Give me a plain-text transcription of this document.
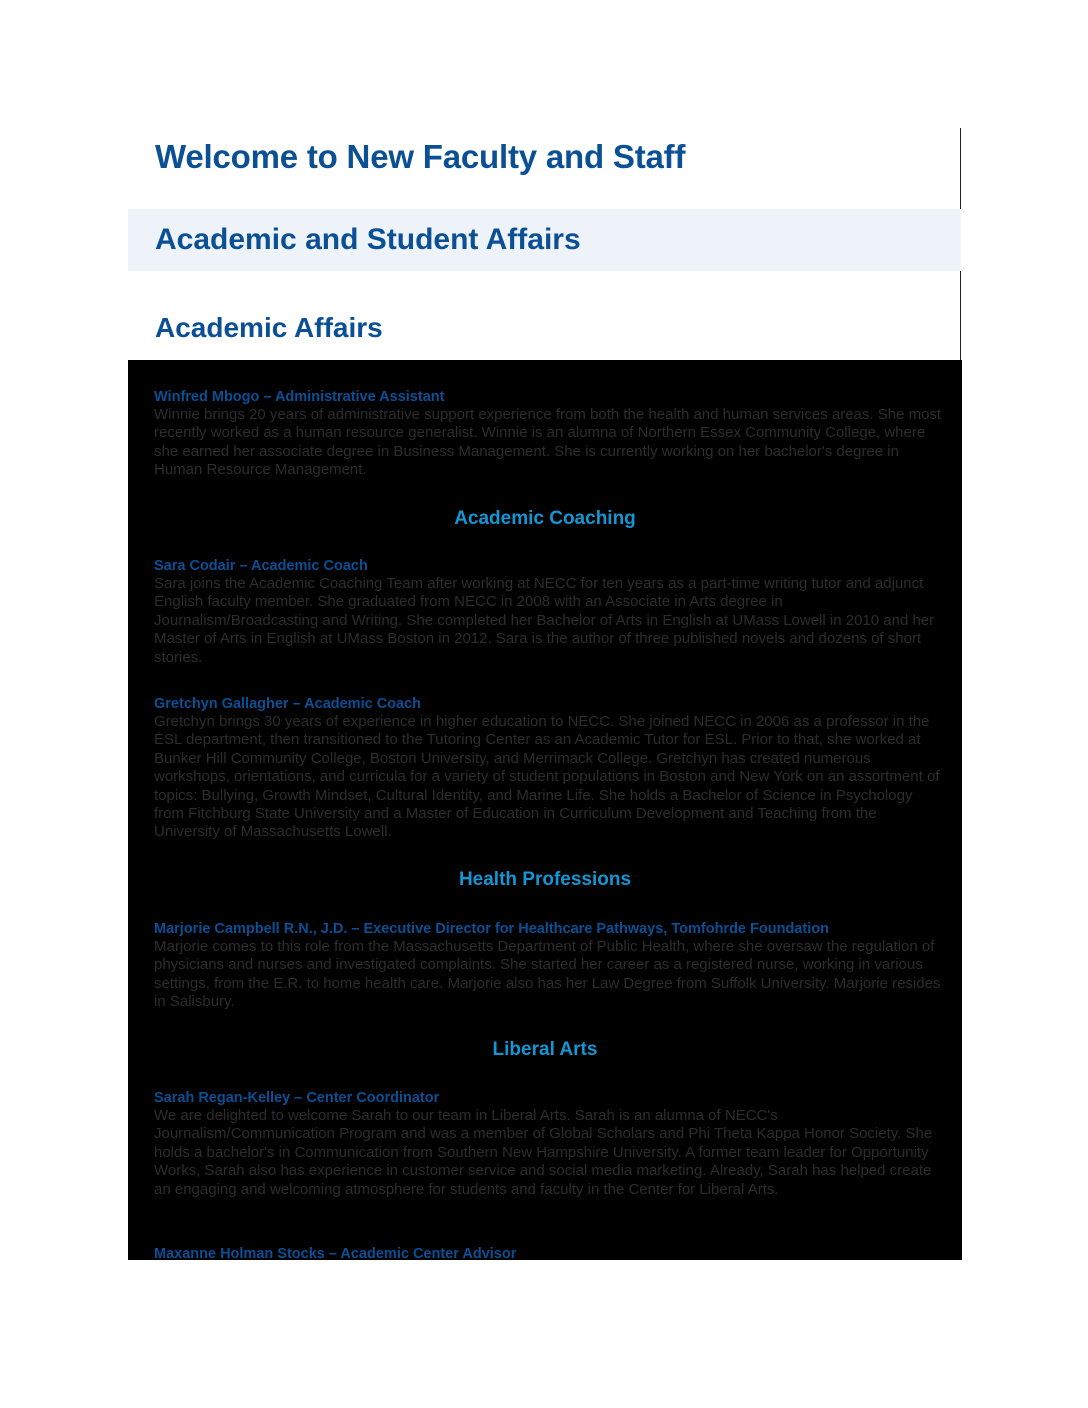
Welcome to New Faculty and Staff
Academic and Student Affairs
Academic Affairs
Winfred Mbogo – Administrative Assistant

Winnie brings 20 years of administrative support experience from both the health and human services areas. She most recently worked as a human resource generalist. Winnie is an alumna of Northern Essex Community College, where she earned her associate degree in Business Management. She is currently working on her bachelor's degree in Human Resource Management.

Academic Coaching
Sara Codair – Academic Coach

Sara joins the Academic Coaching Team after working at NECC for ten years as a part-time writing tutor and adjunct English faculty member. She graduated from NECC in 2008 with an Associate in Arts degree in Journalism/Broadcasting and Writing. She completed her Bachelor of Arts in English at UMass Lowell in 2010 and her Master of Arts in English at UMass Boston in 2012. Sara is the author of three published novels and dozens of short stories.

Gretchyn Gallagher – Academic Coach

Gretchyn brings 30 years of experience in higher education to NECC. She joined NECC in 2006 as a professor in the ESL department, then transitioned to the Tutoring Center as an Academic Tutor for ESL. Prior to that, she worked at Bunker Hill Community College, Boston University, and Merrimack College. Gretchyn has created numerous workshops, orientations, and curricula for a variety of student populations in Boston and New York on an assortment of topics: Bullying, Growth Mindset, Cultural Identity, and Marine Life. She holds a Bachelor of Science in Psychology from Fitchburg State University and a Master of Education in Curriculum Development and Teaching from the University of Massachusetts Lowell.

Health Professions
Marjorie Campbell R.N., J.D. – Executive Director for Healthcare Pathways, Tomfohrde Foundation

Marjorie comes to this role from the Massachusetts Department of Public Health, where she oversaw the regulation of physicians and nurses and investigated complaints. She started her career as a registered nurse, working in various settings, from the E.R. to home health care. Marjorie also has her Law Degree from Suffolk University. Marjorie resides in Salisbury.

Liberal Arts
Sarah Regan-Kelley – Center Coordinator

We are delighted to welcome Sarah to our team in Liberal Arts. Sarah is an alumna of NECC's Journalism/Communication Program and was a member of Global Scholars and Phi Theta Kappa Honor Society. She holds a bachelor's in Communication from Southern New Hampshire University. A former team leader for Opportunity Works, Sarah also has experience in customer service and social media marketing. Already, Sarah has helped create an engaging and welcoming atmosphere for students and faculty in the Center for Liberal Arts.

Maxanne Holman Stocks – Academic Center Advisor
